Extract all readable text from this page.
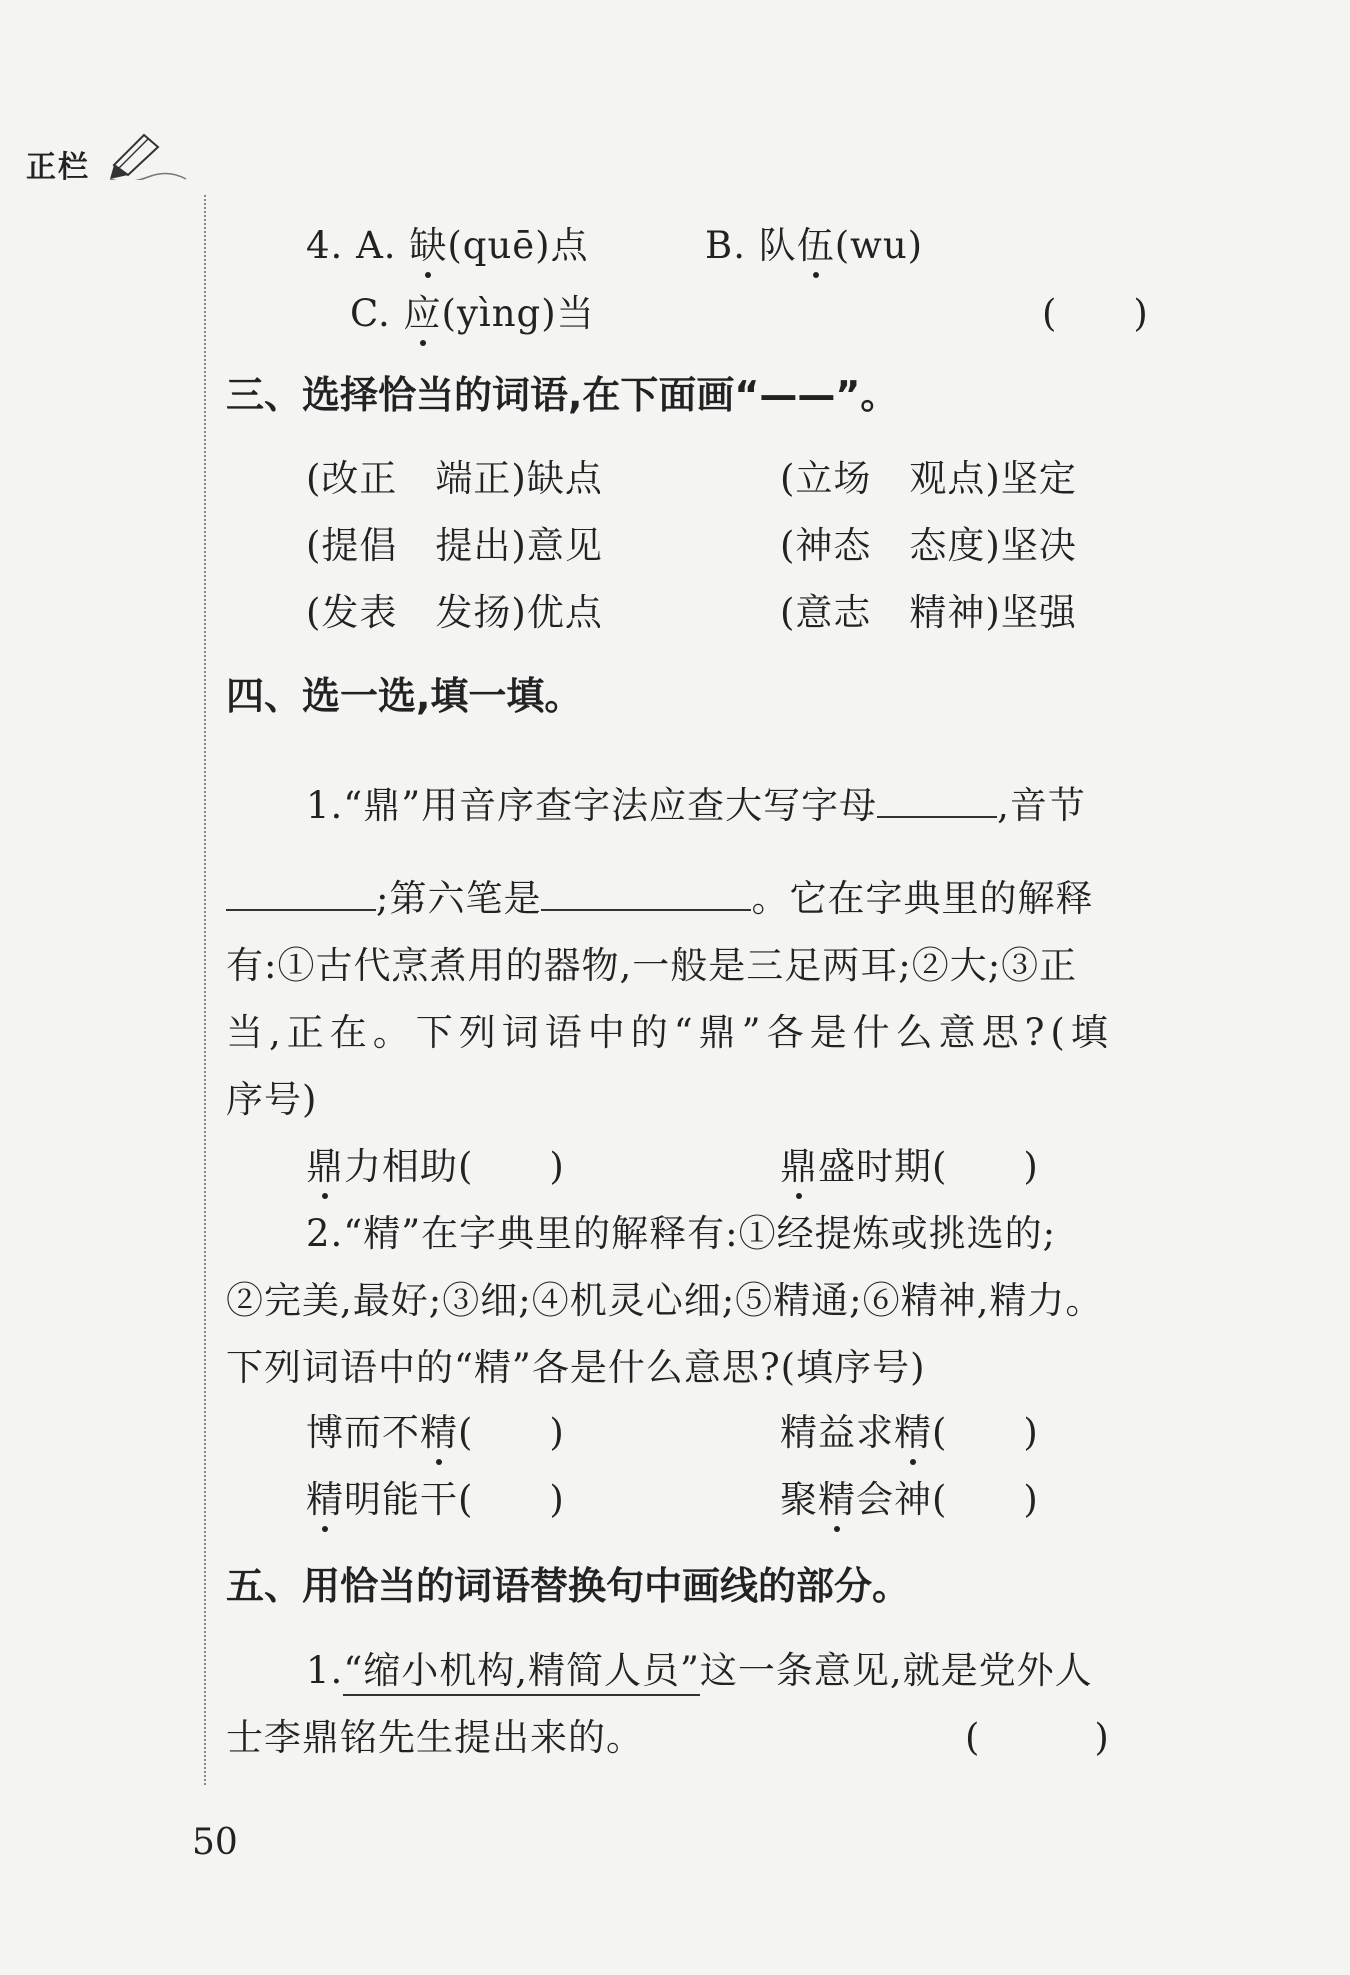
正栏
4. A. 缺(quē)点	B. 队伍(wu)
C. 应(yìng)当	(　　)
三、选择恰当的词语,在下面画“——”。
(改正　端正)缺点	(立场　观点)坚定
(提倡　提出)意见	(神态　态度)坚决
(发表　发扬)优点	(意志　精神)坚强
四、选一选,填一填。
1.“鼎”用音序查字法应查大写字母	,音节
;第六笔是	。它在字典里的解释
有:①古代烹煮用的器物,一般是三足两耳;②大;③正
当,正在。下列词语中的“鼎”各是什么意思?(填
序号)
鼎力相助(　　)	鼎盛时期(　　)
2.“精”在字典里的解释有:①经提炼或挑选的;
②完美,最好;③细;④机灵心细;⑤精通;⑥精神,精力。
下列词语中的“精”各是什么意思?(填序号)
博而不精(　　)	精益求精(　　)
精明能干(　　)	聚精会神(　　)
五、用恰当的词语替换句中画线的部分。
1.“缩小机构,精简人员”这一条意见,就是党外人
士李鼎铭先生提出来的。	(　　　)
50
